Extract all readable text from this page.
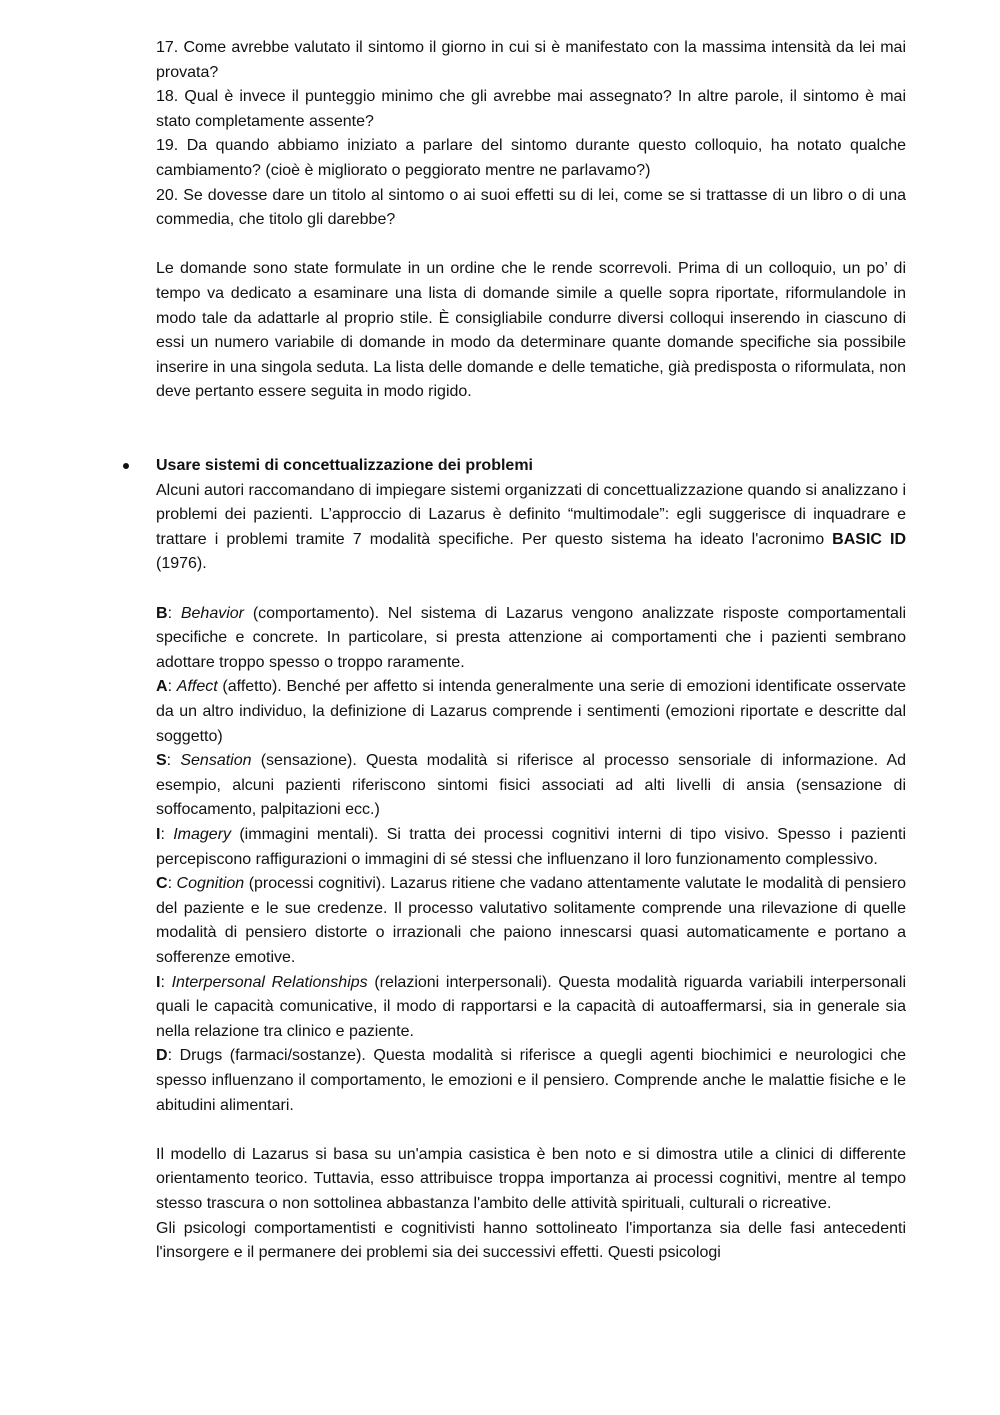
17. Come avrebbe valutato il sintomo il giorno in cui si è manifestato con la massima intensità da lei mai provata?

18. Qual è invece il punteggio minimo che gli avrebbe mai assegnato? In altre parole, il sintomo è mai stato completamente assente?

19. Da quando abbiamo iniziato a parlare del sintomo durante questo colloquio, ha notato qualche cambiamento? (cioè è migliorato o peggiorato mentre ne parlavamo?)

20. Se dovesse dare un titolo al sintomo o ai suoi effetti su di lei, come se si trattasse di un libro o di una commedia, che titolo gli darebbe?

Le domande sono state formulate in un ordine che le rende scorrevoli. Prima di un colloquio, un po’ di tempo va dedicato a esaminare una lista di domande simile a quelle sopra riportate, riformulandole in modo tale da adattarle al proprio stile. È consigliabile condurre diversi colloqui inserendo in ciascuno di essi un numero variabile di domande in modo da determinare quante domande specifiche sia possibile inserire in una singola seduta. La lista delle domande e delle tematiche, già predisposta o riformulata, non deve pertanto essere seguita in modo rigido.

Usare sistemi di concettualizzazione dei problemi

Alcuni autori raccomandano di impiegare sistemi organizzati di concettualizzazione quando si analizzano i problemi dei pazienti. L’approccio di Lazarus è definito “multimodale”: egli suggerisce di inquadrare e trattare i problemi tramite 7 modalità specifiche. Per questo sistema ha ideato l'acronimo BASIC ID (1976).

B: Behavior (comportamento). Nel sistema di Lazarus vengono analizzate risposte comportamentali specifiche e concrete. In particolare, si presta attenzione ai comportamenti che i pazienti sembrano adottare troppo spesso o troppo raramente.

A: Affect (affetto). Benché per affetto si intenda generalmente una serie di emozioni identificate osservate da un altro individuo, la definizione di Lazarus comprende i sentimenti (emozioni riportate e descritte dal soggetto)

S: Sensation (sensazione). Questa modalità si riferisce al processo sensoriale di informazione. Ad esempio, alcuni pazienti riferiscono sintomi fisici associati ad alti livelli di ansia (sensazione di soffocamento, palpitazioni ecc.)

I: Imagery (immagini mentali). Si tratta dei processi cognitivi interni di tipo visivo. Spesso i pazienti percepiscono raffigurazioni o immagini di sé stessi che influenzano il loro funzionamento complessivo.

C: Cognition (processi cognitivi). Lazarus ritiene che vadano attentamente valutate le modalità di pensiero del paziente e le sue credenze. Il processo valutativo solitamente comprende una rilevazione di quelle modalità di pensiero distorte o irrazionali che paiono innescarsi quasi automaticamente e portano a sofferenze emotive.

I: Interpersonal Relationships (relazioni interpersonali). Questa modalità riguarda variabili interpersonali quali le capacità comunicative, il modo di rapportarsi e la capacità di autoaffermarsi, sia in generale sia nella relazione tra clinico e paziente.

D: Drugs (farmaci/sostanze). Questa modalità si riferisce a quegli agenti biochimici e neurologici che spesso influenzano il comportamento, le emozioni e il pensiero. Comprende anche le malattie fisiche e le abitudini alimentari.

Il modello di Lazarus si basa su un'ampia casistica è ben noto e si dimostra utile a clinici di differente orientamento teorico. Tuttavia, esso attribuisce troppa importanza ai processi cognitivi, mentre al tempo stesso trascura o non sottolinea abbastanza l'ambito delle attività spirituali, culturali o ricreative.

Gli psicologi comportamentisti e cognitivisti hanno sottolineato l'importanza sia delle fasi antecedenti l'insorgere e il permanere dei problemi sia dei successivi effetti. Questi psicologi
